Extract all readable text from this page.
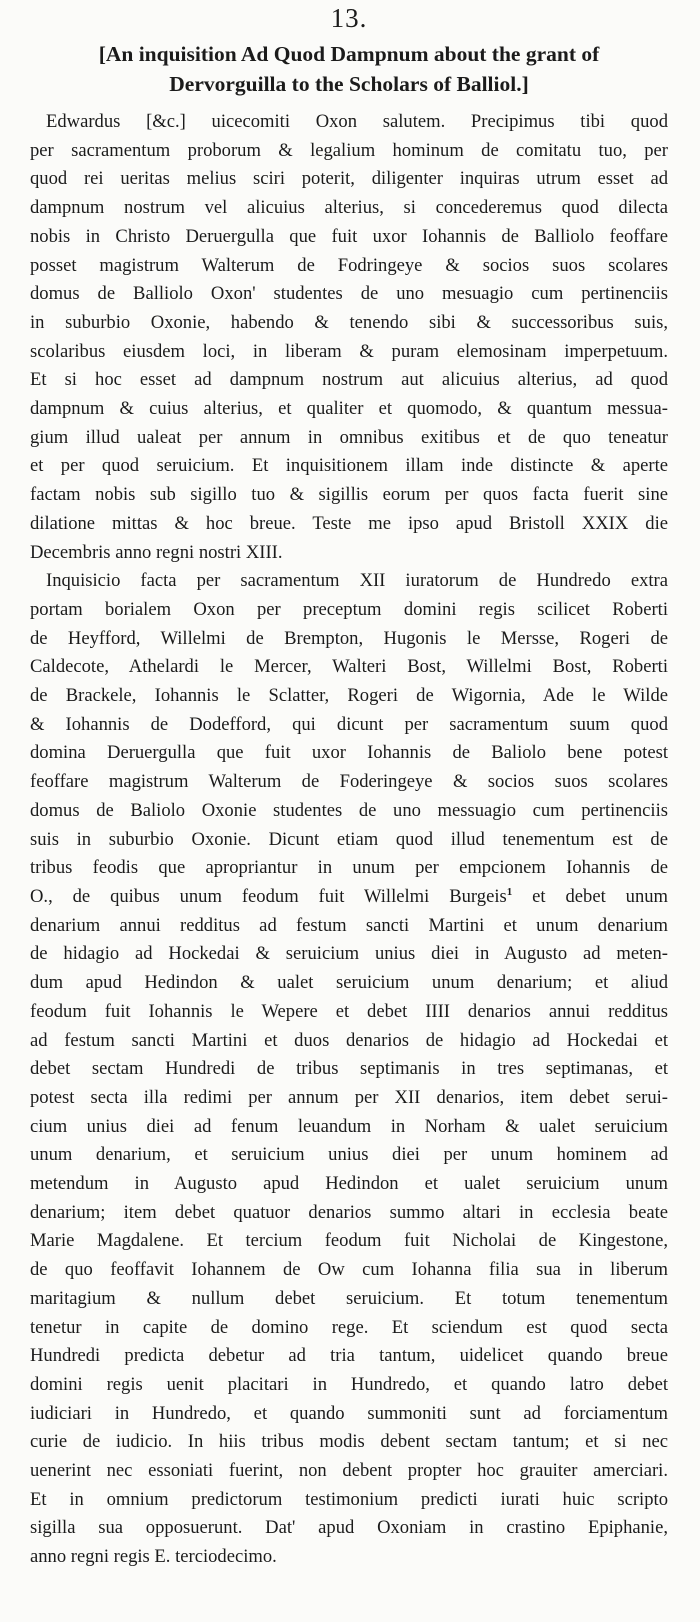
13.
[An inquisition Ad Quod Dampnum about the grant of
Dervorguilla to the Scholars of Balliol.]
Edwardus [&c.] uicecomiti Oxon salutem. Precipimus tibi quod
per sacramentum proborum & legalium hominum de comitatu tuo, per
quod rei ueritas melius sciri poterit, diligenter inquiras utrum esset ad
dampnum nostrum vel alicuius alterius, si concederemus quod dilecta
nobis in Christo Deruergulla que fuit uxor Iohannis de Balliolo feoffare
posset magistrum Walterum de Fodringeye & socios suos scolares
domus de Balliolo Oxon' studentes de uno mesuagio cum pertinenciis
in suburbio Oxonie, habendo & tenendo sibi & successoribus suis,
scolaribus eiusdem loci, in liberam & puram elemosinam imperpetuum.
Et si hoc esset ad dampnum nostrum aut alicuius alterius, ad quod
dampnum & cuius alterius, et qualiter et quomodo, & quantum messua-
gium illud ualeat per annum in omnibus exitibus et de quo teneatur
et per quod seruicium. Et inquisitionem illam inde distincte & aperte
factam nobis sub sigillo tuo & sigillis eorum per quos facta fuerit sine
dilatione mittas & hoc breue. Teste me ipso apud Bristoll XXIX die
Decembris anno regni nostri XIII.
Inquisicio facta per sacramentum XII iuratorum de Hundredo extra
portam borialem Oxon per preceptum domini regis scilicet Roberti
de Heyfford, Willelmi de Brempton, Hugonis le Mersse, Rogeri de
Caldecote, Athelardi le Mercer, Walteri Bost, Willelmi Bost, Roberti
de Brackele, Iohannis le Sclatter, Rogeri de Wigornia, Ade le Wilde
& Iohannis de Dodefford, qui dicunt per sacramentum suum quod
domina Deruergulla que fuit uxor Iohannis de Baliolo bene potest
feoffare magistrum Walterum de Foderingeye & socios suos scolares
domus de Baliolo Oxonie studentes de uno messuagio cum pertinenciis
suis in suburbio Oxonie. Dicunt etiam quod illud tenementum est de
tribus feodis que apropriantur in unum per empcionem Iohannis de
O., de quibus unum feodum fuit Willelmi Burgeis$^1$ et debet unum
denarium annui redditus ad festum sancti Martini et unum denarium
de hidagio ad Hockedai & seruicium unius diei in Augusto ad meten-
dum apud Hedindon & ualet seruicium unum denarium; et aliud
feodum fuit Iohannis le Wepere et debet IIII denarios annui redditus
ad festum sancti Martini et duos denarios de hidagio ad Hockedai et
debet sectam Hundredi de tribus septimanis in tres septimanas, et
potest secta illa redimi per annum per XII denarios, item debet serui-
cium unius diei ad fenum leuandum in Norham & ualet seruicium
unum denarium, et seruicium unius diei per unum hominem ad
metendum in Augusto apud Hedindon et ualet seruicium unum
denarium; item debet quatuor denarios summo altari in ecclesia beate
Marie Magdalene. Et tercium feodum fuit Nicholai de Kingestone,
de quo feoffavit Iohannem de Ow cum Iohanna filia sua in liberum
maritagium & nullum debet seruicium. Et totum tenementum
tenetur in capite de domino rege. Et sciendum est quod secta
Hundredi predicta debetur ad tria tantum, uidelicet quando breue
domini regis uenit placitari in Hundredo, et quando latro debet
iudiciari in Hundredo, et quando summoniti sunt ad forciamentum
curie de iudicio. In hiis tribus modis debent sectam tantum; et si nec
uenerint nec essoniati fuerint, non debent propter hoc grauiter amerciari.
Et in omnium predictorum testimonium predicti iurati huic scripto
sigilla sua opposuerunt. Dat' apud Oxoniam in crastino Epiphanie,
anno regni regis E. terciodecimo.
